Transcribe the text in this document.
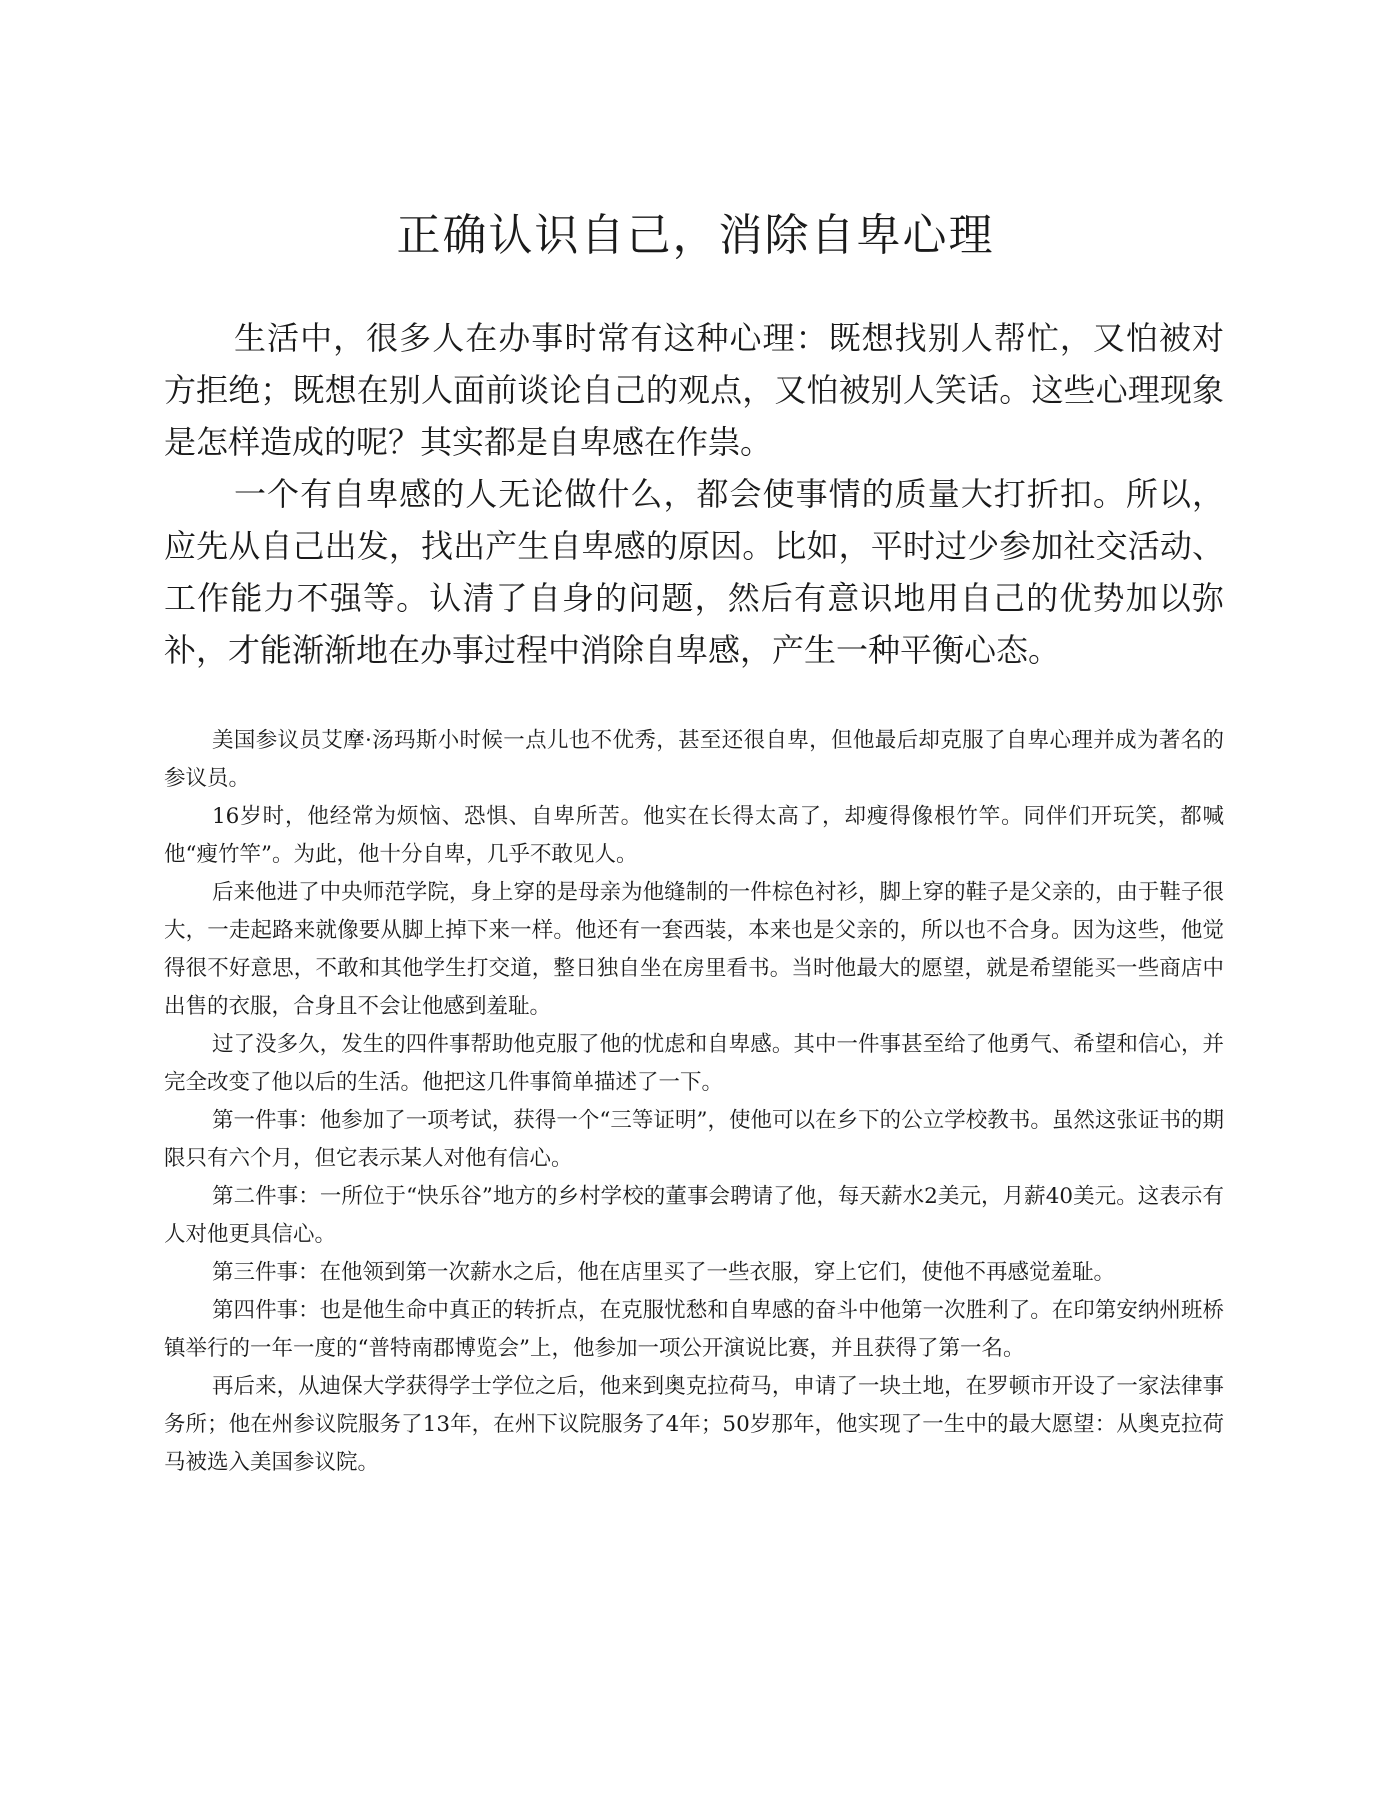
正确认识自己，消除自卑心理

生活中，很多人在办事时常有这种心理：既想找别人帮忙，又怕被对方拒绝；既想在别人面前谈论自己的观点，又怕被别人笑话。这些心理现象是怎样造成的呢？其实都是自卑感在作祟。

一个有自卑感的人无论做什么，都会使事情的质量大打折扣。所以，应先从自己出发，找出产生自卑感的原因。比如，平时过少参加社交活动、工作能力不强等。认清了自身的问题，然后有意识地用自己的优势加以弥补，才能渐渐地在办事过程中消除自卑感，产生一种平衡心态。

美国参议员艾摩·汤玛斯小时候一点儿也不优秀，甚至还很自卑，但他最后却克服了自卑心理并成为著名的参议员。

16岁时，他经常为烦恼、恐惧、自卑所苦。他实在长得太高了，却瘦得像根竹竿。同伴们开玩笑，都喊他“瘦竹竿”。为此，他十分自卑，几乎不敢见人。

后来他进了中央师范学院，身上穿的是母亲为他缝制的一件棕色衬衫，脚上穿的鞋子是父亲的，由于鞋子很大，一走起路来就像要从脚上掉下来一样。他还有一套西装，本来也是父亲的，所以也不合身。因为这些，他觉得很不好意思，不敢和其他学生打交道，整日独自坐在房里看书。当时他最大的愿望，就是希望能买一些商店中出售的衣服，合身且不会让他感到羞耻。

过了没多久，发生的四件事帮助他克服了他的忧虑和自卑感。其中一件事甚至给了他勇气、希望和信心，并完全改变了他以后的生活。他把这几件事简单描述了一下。

第一件事：他参加了一项考试，获得一个“三等证明”，使他可以在乡下的公立学校教书。虽然这张证书的期限只有六个月，但它表示某人对他有信心。

第二件事：一所位于“快乐谷”地方的乡村学校的董事会聘请了他，每天薪水2美元，月薪40美元。这表示有人对他更具信心。

第三件事：在他领到第一次薪水之后，他在店里买了一些衣服，穿上它们，使他不再感觉羞耻。

第四件事：也是他生命中真正的转折点，在克服忧愁和自卑感的奋斗中他第一次胜利了。在印第安纳州班桥镇举行的一年一度的“普特南郡博览会”上，他参加一项公开演说比赛，并且获得了第一名。

再后来，从迪保大学获得学士学位之后，他来到奥克拉荷马，申请了一块土地，在罗顿市开设了一家法律事务所；他在州参议院服务了13年，在州下议院服务了4年；50岁那年，他实现了一生中的最大愿望：从奥克拉荷马被选入美国参议院。
